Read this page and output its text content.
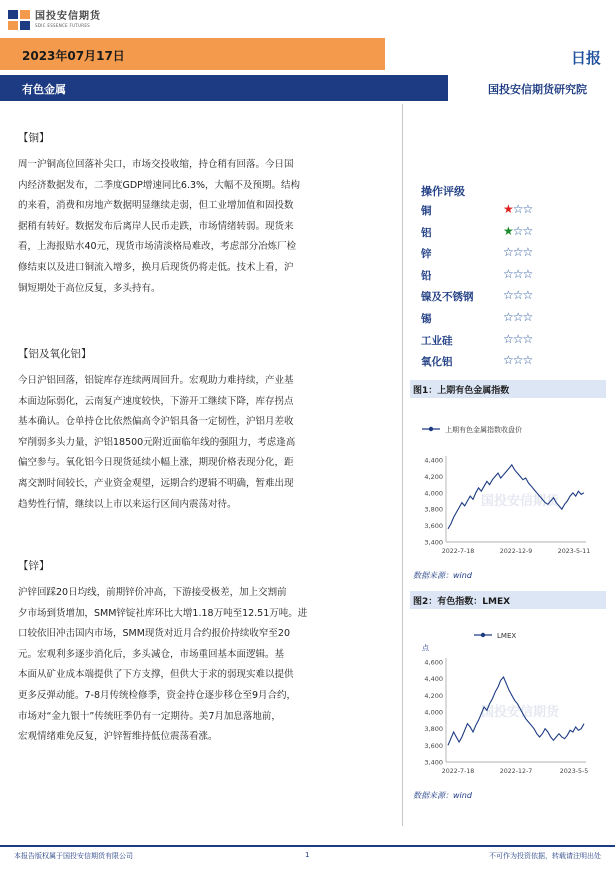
国投安信期货
SDIC ESSENCE FUTURES
2023年07月17日	日报
有色金属	国投安信期货研究院
【铜】
周一沪铜高位回落补尖口，市场交投收缩，持仓稍有回落。今日国
内经济数据发布，二季度GDP增速同比6.3%，大幅不及预期。结构
的来看，消费和房地产数据明显继续走弱，但工业增加值和固投数
据稍有转好。数据发布后离岸人民币走跌，市场情绪转弱。现货来
看，上海报贴水40元，现货市场清淡格局难改，考虑部分冶炼厂检
修结束以及进口铜流入增多，换月后现货仍将走低。技术上看，沪
铜短期处于高位反复，多头持有。
【铝及氧化铝】
今日沪铝回落，铝锭库存连续两周回升。宏观助力难持续，产业基
本面边际弱化，云南复产速度较快，下游开工继续下降，库存拐点
基本确认。仓单持仓比依然偏高令沪铝具备一定韧性，沪铝月差收
窄削弱多头力量，沪铝18500元附近面临年线的强阻力，考虑逢高
偏空参与。氧化铝今日现货延续小幅上涨，期现价格表现分化，距
离交割时间较长，产业资金观望，远期合约逻辑不明确，暂难出现
趋势性行情，继续以上市以来运行区间内震荡对待。
【锌】
沪锌回踩20日均线，前期锌价冲高，下游接受极差，加上交割前
夕市场到货增加，SMM锌锭社库环比大增1.18万吨至12.51万吨。进
口较依旧冲击国内市场，SMM现货对近月合约报价持续收窄至20
元。宏观利多逐步消化后，多头减仓，市场重回基本面逻辑。基
本面从矿业成本端提供了下方支撑，但供大于求的弱现实难以提供
更多反弹动能。7-8月传统检修季，资金持仓逐步移仓至9月合约，
市场对“金九银十”传统旺季仍有一定期待。美7月加息落地前，
宏观情绪难免反复，沪锌暂维持低位震荡看涨。
操作评级
铜	★☆☆
铝	★☆☆
锌	☆☆☆
铅	☆☆☆
镍及不锈钢 ☆☆☆
锡	☆☆☆
工业硅	☆☆☆
氧化铝	☆☆☆
图1：上期有色金属指数
上期有色金属指数收盘价
国投安信期货
3,400
3,600
3,800
4,000
4,200
4,400
2022-7-18	2022-12-9	2023-5-11
数据来源：wind
图2：有色指数：LMEX
LMEX
国投安信期货
3,400
3,600
3,800
4,000
4,200
4,400
4,600
2022-7-18	2022-12-7	2023-5-5
点
数据来源：wind
本报告版权属于国投安信期货有限公司	1	不可作为投资依据，转载请注明出处
